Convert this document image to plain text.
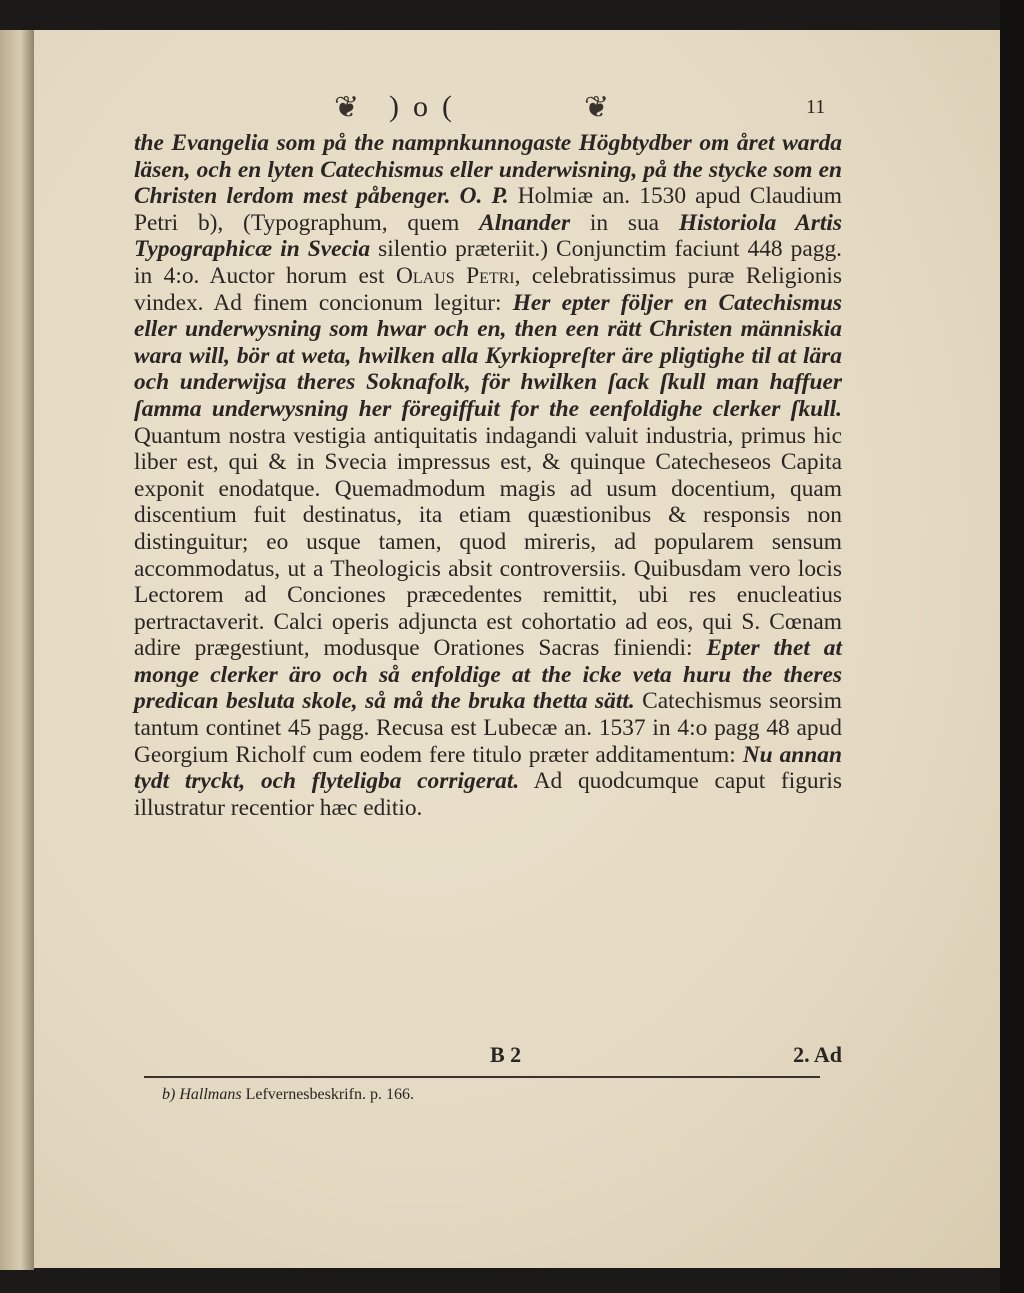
❦ )o(	❦	11

the Evangelia som på the nampnkunnogaste Högbtydber om året warda läsen, och en lyten Catechismus eller underwisning, på the stycke som en Christen lerdom mest påbenger. O. P. Holmiæ an. 1530 apud Claudium Petri b), (Typographum, quem Alnander in sua Historiola Artis Typographicæ in Svecia silentio præteriit.) Conjunctim faciunt 448 pagg. in 4:o. Auctor horum est Olaus Petri, celebratissimus puræ Religionis vindex. Ad finem concionum legitur: Her epter följer en Catechismus eller underwysning som hwar och en, then een rätt Christen människia wara will, bör at weta, hwilken alla Kyrkiopreſter äre pligtighe til at lära och underwijsa theres Soknafolk, för hwilken ſack ſkull man haffuer ſamma underwysning her föregiffuit for the eenfoldighe clerker ſkull. Quantum nostra vestigia antiquitatis indagandi valuit industria, primus hic liber est, qui & in Svecia impressus est, & quinque Catecheseos Capita exponit enodatque. Quemadmodum magis ad usum docentium, quam discentium fuit destinatus, ita etiam quæstionibus & responsis non distinguitur; eo usque tamen, quod mireris, ad popularem sensum accommodatus, ut a Theologicis absit controversiis. Quibusdam vero locis Lectorem ad Conciones præcedentes remittit, ubi res enucleatius pertractaverit. Calci operis adjuncta est cohortatio ad eos, qui S. Cœnam adire prægestiunt, modusque Orationes Sacras finiendi: Epter thet at monge clerker äro och så enfoldige at the icke veta huru the theres predican besluta skole, så må the bruka thetta sätt. Catechismus seorsim tantum continet 45 pagg. Recusa est Lubecæ an. 1537 in 4:o pagg 48 apud Georgium Richolf cum eodem fere titulo præter additamentum: Nu annan tydt tryckt, och flyteligba corrigerat. Ad quodcumque caput figuris illustratur recentior hæc editio.

B 2	2. Ad
b) Hallmans Lefvernesbeskrifn. p. 166.
